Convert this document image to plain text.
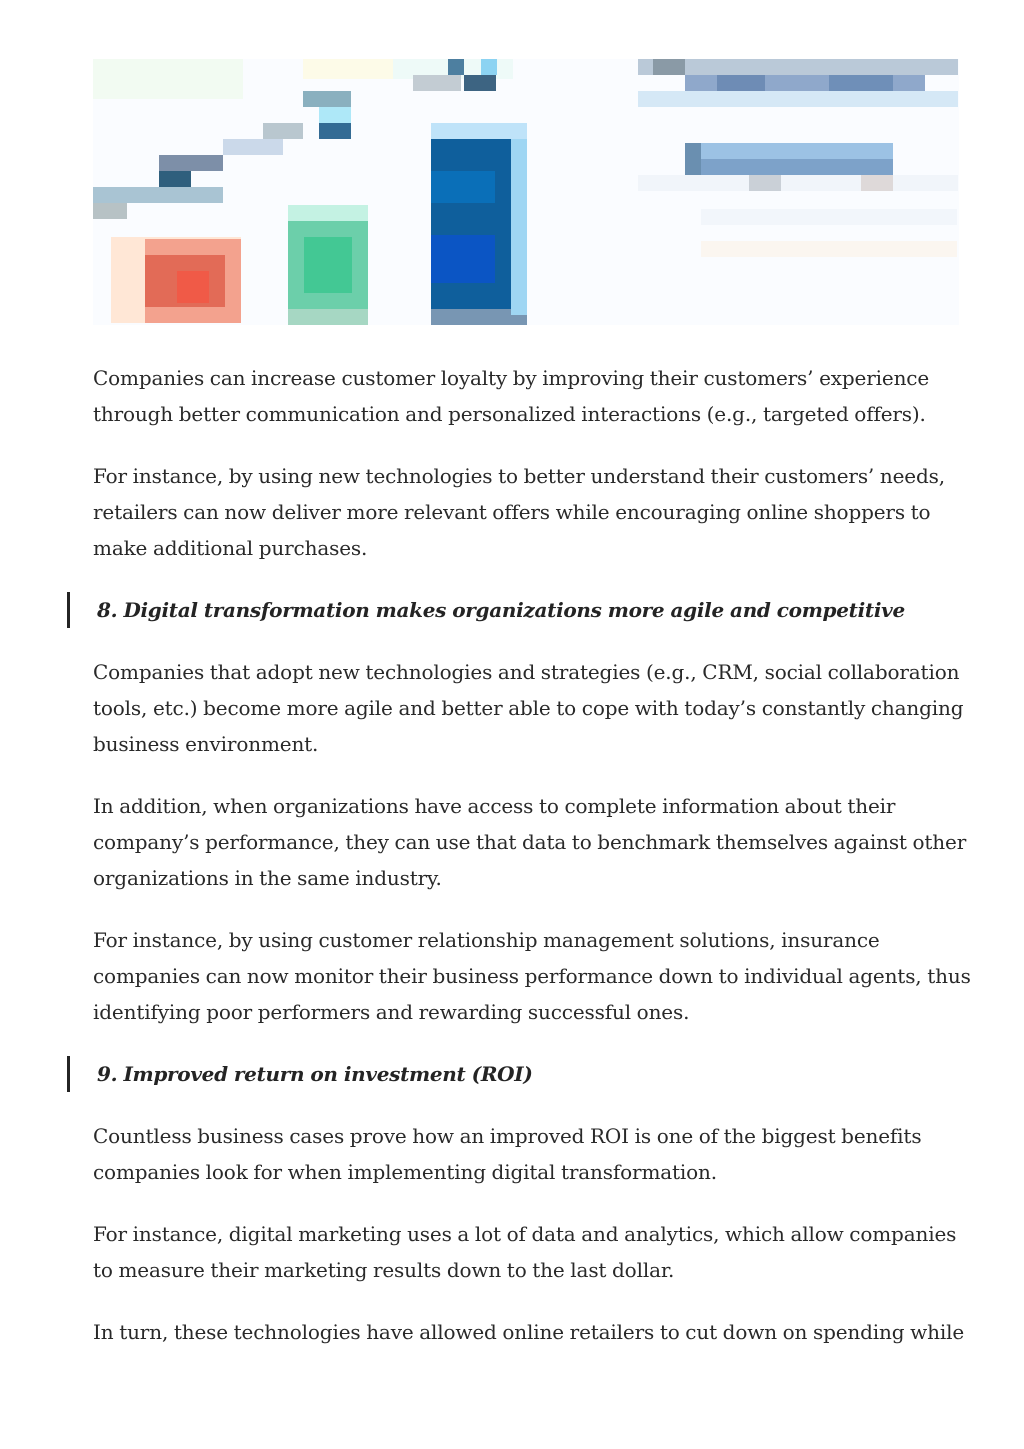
Companies can increase customer loyalty by improving their customers’ experience through better communication and personalized interactions (e.g., targeted offers).

For instance, by using new technologies to better understand their customers’ needs, retailers can now deliver more relevant offers while encouraging online shoppers to make additional purchases.

8. Digital transformation makes organizations more agile and competitive

Companies that adopt new technologies and strategies (e.g., CRM, social collaboration tools, etc.) become more agile and better able to cope with today’s constantly changing business environment.

In addition, when organizations have access to complete information about their company’s performance, they can use that data to benchmark themselves against other organizations in the same industry.

For instance, by using customer relationship management solutions, insurance companies can now monitor their business performance down to individual agents, thus identifying poor performers and rewarding successful ones.

9. Improved return on investment (ROI)

Countless business cases prove how an improved ROI is one of the biggest benefits companies look for when implementing digital transformation.

For instance, digital marketing uses a lot of data and analytics, which allow companies to measure their marketing results down to the last dollar.

In turn, these technologies have allowed online retailers to cut down on spending while
